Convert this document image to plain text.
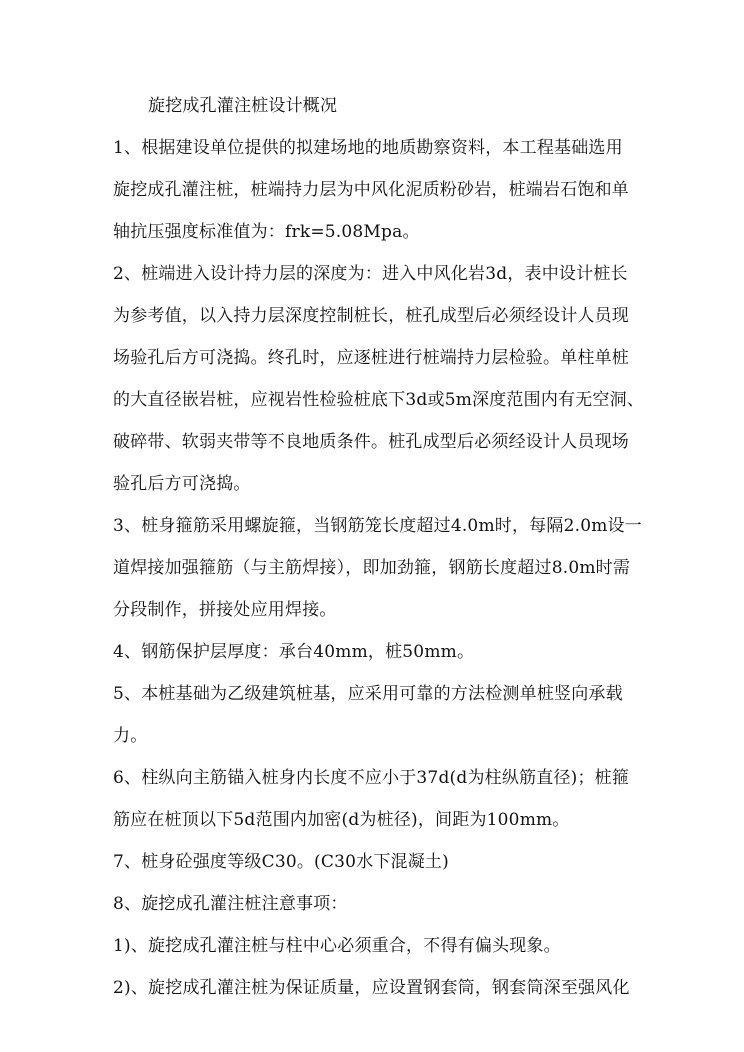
旋挖成孔灌注桩设计概况
1、根据建设单位提供的拟建场地的地质勘察资料，本工程基础选用
旋挖成孔灌注桩，桩端持力层为中风化泥质粉砂岩，桩端岩石饱和单
轴抗压强度标准值为：frk=5.08Mpa。
2、桩端进入设计持力层的深度为：进入中风化岩3d，表中设计桩长
为参考值，以入持力层深度控制桩长，桩孔成型后必须经设计人员现
场验孔后方可浇捣。终孔时，应逐桩进行桩端持力层检验。单柱单桩
的大直径嵌岩桩，应视岩性检验桩底下3d或5m深度范围内有无空洞、
破碎带、软弱夹带等不良地质条件。桩孔成型后必须经设计人员现场
验孔后方可浇捣。
3、桩身箍筋采用螺旋箍，当钢筋笼长度超过4.0m时，每隔2.0m设一
道焊接加强箍筋（与主筋焊接），即加劲箍，钢筋长度超过8.0m时需
分段制作，拼接处应用焊接。
4、钢筋保护层厚度：承台40mm，桩50mm。
5、本桩基础为乙级建筑桩基，应采用可靠的方法检测单桩竖向承载
力。
6、柱纵向主筋锚入桩身内长度不应小于37d(d为柱纵筋直径)；桩箍
筋应在桩顶以下5d范围内加密(d为桩径)，间距为100mm。
7、桩身砼强度等级C30。(C30水下混凝土)
8、旋挖成孔灌注桩注意事项：
1)、旋挖成孔灌注桩与柱中心必须重合，不得有偏头现象。
2)、旋挖成孔灌注桩为保证质量，应设置钢套筒，钢套筒深至强风化
